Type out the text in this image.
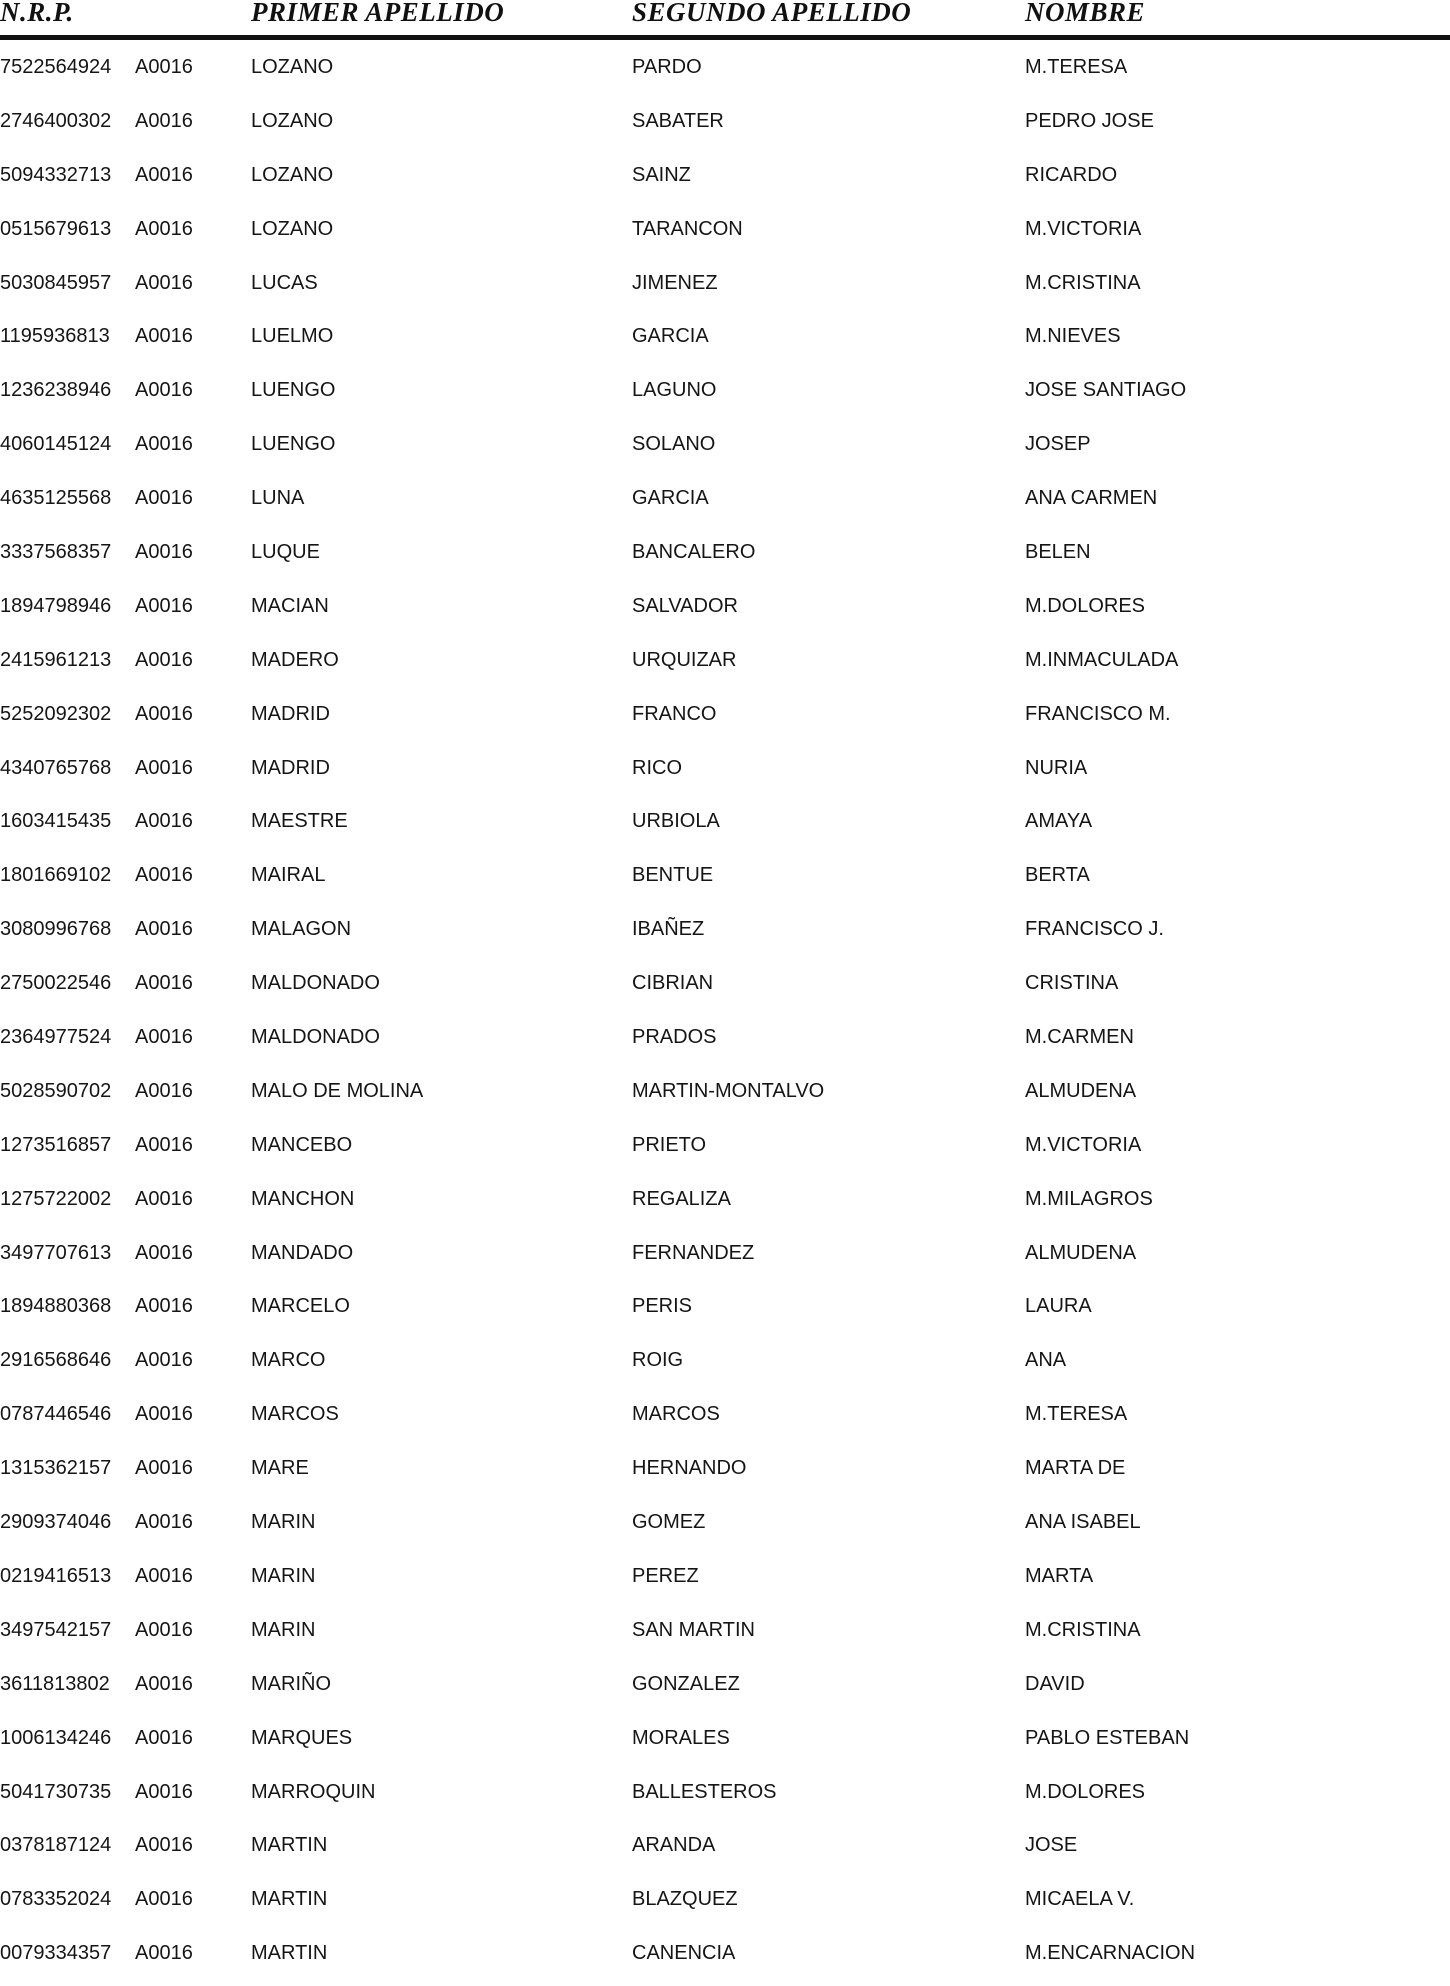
N.R.P.	PRIMER APELLIDO	SEGUNDO APELLIDO	NOMBRE
7522564924 A0016	LOZANO	PARDO	M.TERESA
2746400302 A0016	LOZANO	SABATER	PEDRO JOSE
5094332713 A0016	LOZANO	SAINZ	RICARDO
0515679613 A0016	LOZANO	TARANCON	M.VICTORIA
5030845957 A0016	LUCAS	JIMENEZ	M.CRISTINA
1195936813 A0016	LUELMO	GARCIA	M.NIEVES
1236238946 A0016	LUENGO	LAGUNO	JOSE SANTIAGO
4060145124 A0016	LUENGO	SOLANO	JOSEP
4635125568 A0016	LUNA	GARCIA	ANA CARMEN
3337568357 A0016	LUQUE	BANCALERO	BELEN
1894798946 A0016	MACIAN	SALVADOR	M.DOLORES
2415961213 A0016	MADERO	URQUIZAR	M.INMACULADA
5252092302 A0016	MADRID	FRANCO	FRANCISCO M.
4340765768 A0016	MADRID	RICO	NURIA
1603415435 A0016	MAESTRE	URBIOLA	AMAYA
1801669102 A0016	MAIRAL	BENTUE	BERTA
3080996768 A0016	MALAGON	IBAÑEZ	FRANCISCO J.
2750022546 A0016	MALDONADO	CIBRIAN	CRISTINA
2364977524 A0016	MALDONADO	PRADOS	M.CARMEN
5028590702 A0016	MALO DE MOLINA	MARTIN-MONTALVO	ALMUDENA
1273516857 A0016	MANCEBO	PRIETO	M.VICTORIA
1275722002 A0016	MANCHON	REGALIZA	M.MILAGROS
3497707613 A0016	MANDADO	FERNANDEZ	ALMUDENA
1894880368 A0016	MARCELO	PERIS	LAURA
2916568646 A0016	MARCO	ROIG	ANA
0787446546 A0016	MARCOS	MARCOS	M.TERESA
1315362157 A0016	MARE	HERNANDO	MARTA DE
2909374046 A0016	MARIN	GOMEZ	ANA ISABEL
0219416513 A0016	MARIN	PEREZ	MARTA
3497542157 A0016	MARIN	SAN MARTIN	M.CRISTINA
3611813802 A0016	MARIÑO	GONZALEZ	DAVID
1006134246 A0016	MARQUES	MORALES	PABLO ESTEBAN
5041730735 A0016	MARROQUIN	BALLESTEROS	M.DOLORES
0378187124 A0016	MARTIN	ARANDA	JOSE
0783352024 A0016	MARTIN	BLAZQUEZ	MICAELA V.
0079334357 A0016	MARTIN	CANENCIA	M.ENCARNACION
